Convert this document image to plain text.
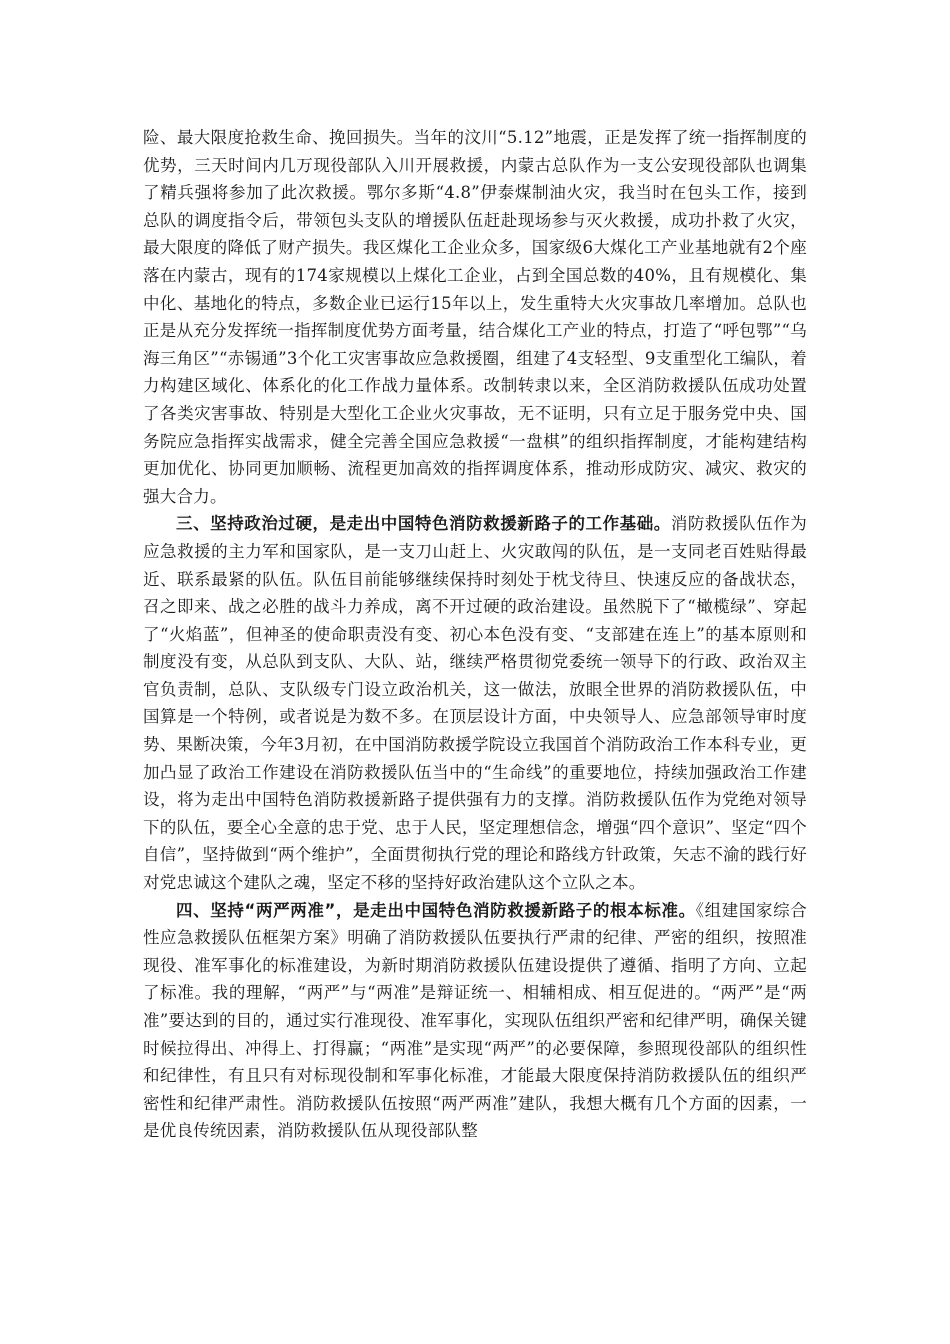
险、最大限度抢救生命、挽回损失。当年的汶川“5.12”地震，正是发挥了统一指挥制度的优势，三天时间内几万现役部队入川开展救援，内蒙古总队作为一支公安现役部队也调集了精兵强将参加了此次救援。鄂尔多斯“4.8”伊泰煤制油火灾，我当时在包头工作，接到总队的调度指令后，带领包头支队的增援队伍赶赴现场参与灭火救援，成功扑救了火灾，最大限度的降低了财产损失。我区煤化工企业众多，国家级6大煤化工产业基地就有2个座落在内蒙古，现有的174家规模以上煤化工企业，占到全国总数的40%，且有规模化、集中化、基地化的特点，多数企业已运行15年以上，发生重特大火灾事故几率增加。总队也正是从充分发挥统一指挥制度优势方面考量，结合煤化工产业的特点，打造了“呼包鄂”“乌海三角区”“赤锡通”3个化工灾害事故应急救援圈，组建了4支轻型、9支重型化工编队，着力构建区域化、体系化的化工作战力量体系。改制转隶以来，全区消防救援队伍成功处置了各类灾害事故、特别是大型化工企业火灾事故，无不证明，只有立足于服务党中央、国务院应急指挥实战需求，健全完善全国应急救援“一盘棋”的组织指挥制度，才能构建结构更加优化、协同更加顺畅、流程更加高效的指挥调度体系，推动形成防灾、减灾、救灾的强大合力。

三、坚持政治过硬，是走出中国特色消防救援新路子的工作基础。消防救援队伍作为应急救援的主力军和国家队，是一支刀山赶上、火灾敢闯的队伍，是一支同老百姓贴得最近、联系最紧的队伍。队伍目前能够继续保持时刻处于枕戈待旦、快速反应的备战状态，召之即来、战之必胜的战斗力养成，离不开过硬的政治建设。虽然脱下了“橄榄绿”、穿起了“火焰蓝”，但神圣的使命职责没有变、初心本色没有变、“支部建在连上”的基本原则和制度没有变，从总队到支队、大队、站，继续严格贯彻党委统一领导下的行政、政治双主官负责制，总队、支队级专门设立政治机关，这一做法，放眼全世界的消防救援队伍，中国算是一个特例，或者说是为数不多。在顶层设计方面，中央领导人、应急部领导审时度势、果断决策，今年3月初，在中国消防救援学院设立我国首个消防政治工作本科专业，更加凸显了政治工作建设在消防救援队伍当中的“生命线”的重要地位，持续加强政治工作建设，将为走出中国特色消防救援新路子提供强有力的支撑。消防救援队伍作为党绝对领导下的队伍，要全心全意的忠于党、忠于人民，坚定理想信念，增强“四个意识”、坚定“四个自信”，坚持做到“两个维护”，全面贯彻执行党的理论和路线方针政策，矢志不渝的践行好对党忠诚这个建队之魂，坚定不移的坚持好政治建队这个立队之本。

四、坚持“两严两准”，是走出中国特色消防救援新路子的根本标准。《组建国家综合性应急救援队伍框架方案》明确了消防救援队伍要执行严肃的纪律、严密的组织，按照准现役、准军事化的标准建设，为新时期消防救援队伍建设提供了遵循、指明了方向、立起了标准。我的理解，“两严”与“两准”是辩证统一、相辅相成、相互促进的。“两严”是“两准”要达到的目的，通过实行准现役、准军事化，实现队伍组织严密和纪律严明，确保关键时候拉得出、冲得上、打得赢；“两准”是实现“两严”的必要保障，参照现役部队的组织性和纪律性，有且只有对标现役制和军事化标准，才能最大限度保持消防救援队伍的组织严密性和纪律严肃性。消防救援队伍按照“两严两准”建队，我想大概有几个方面的因素，一是优良传统因素，消防救援队伍从现役部队整
